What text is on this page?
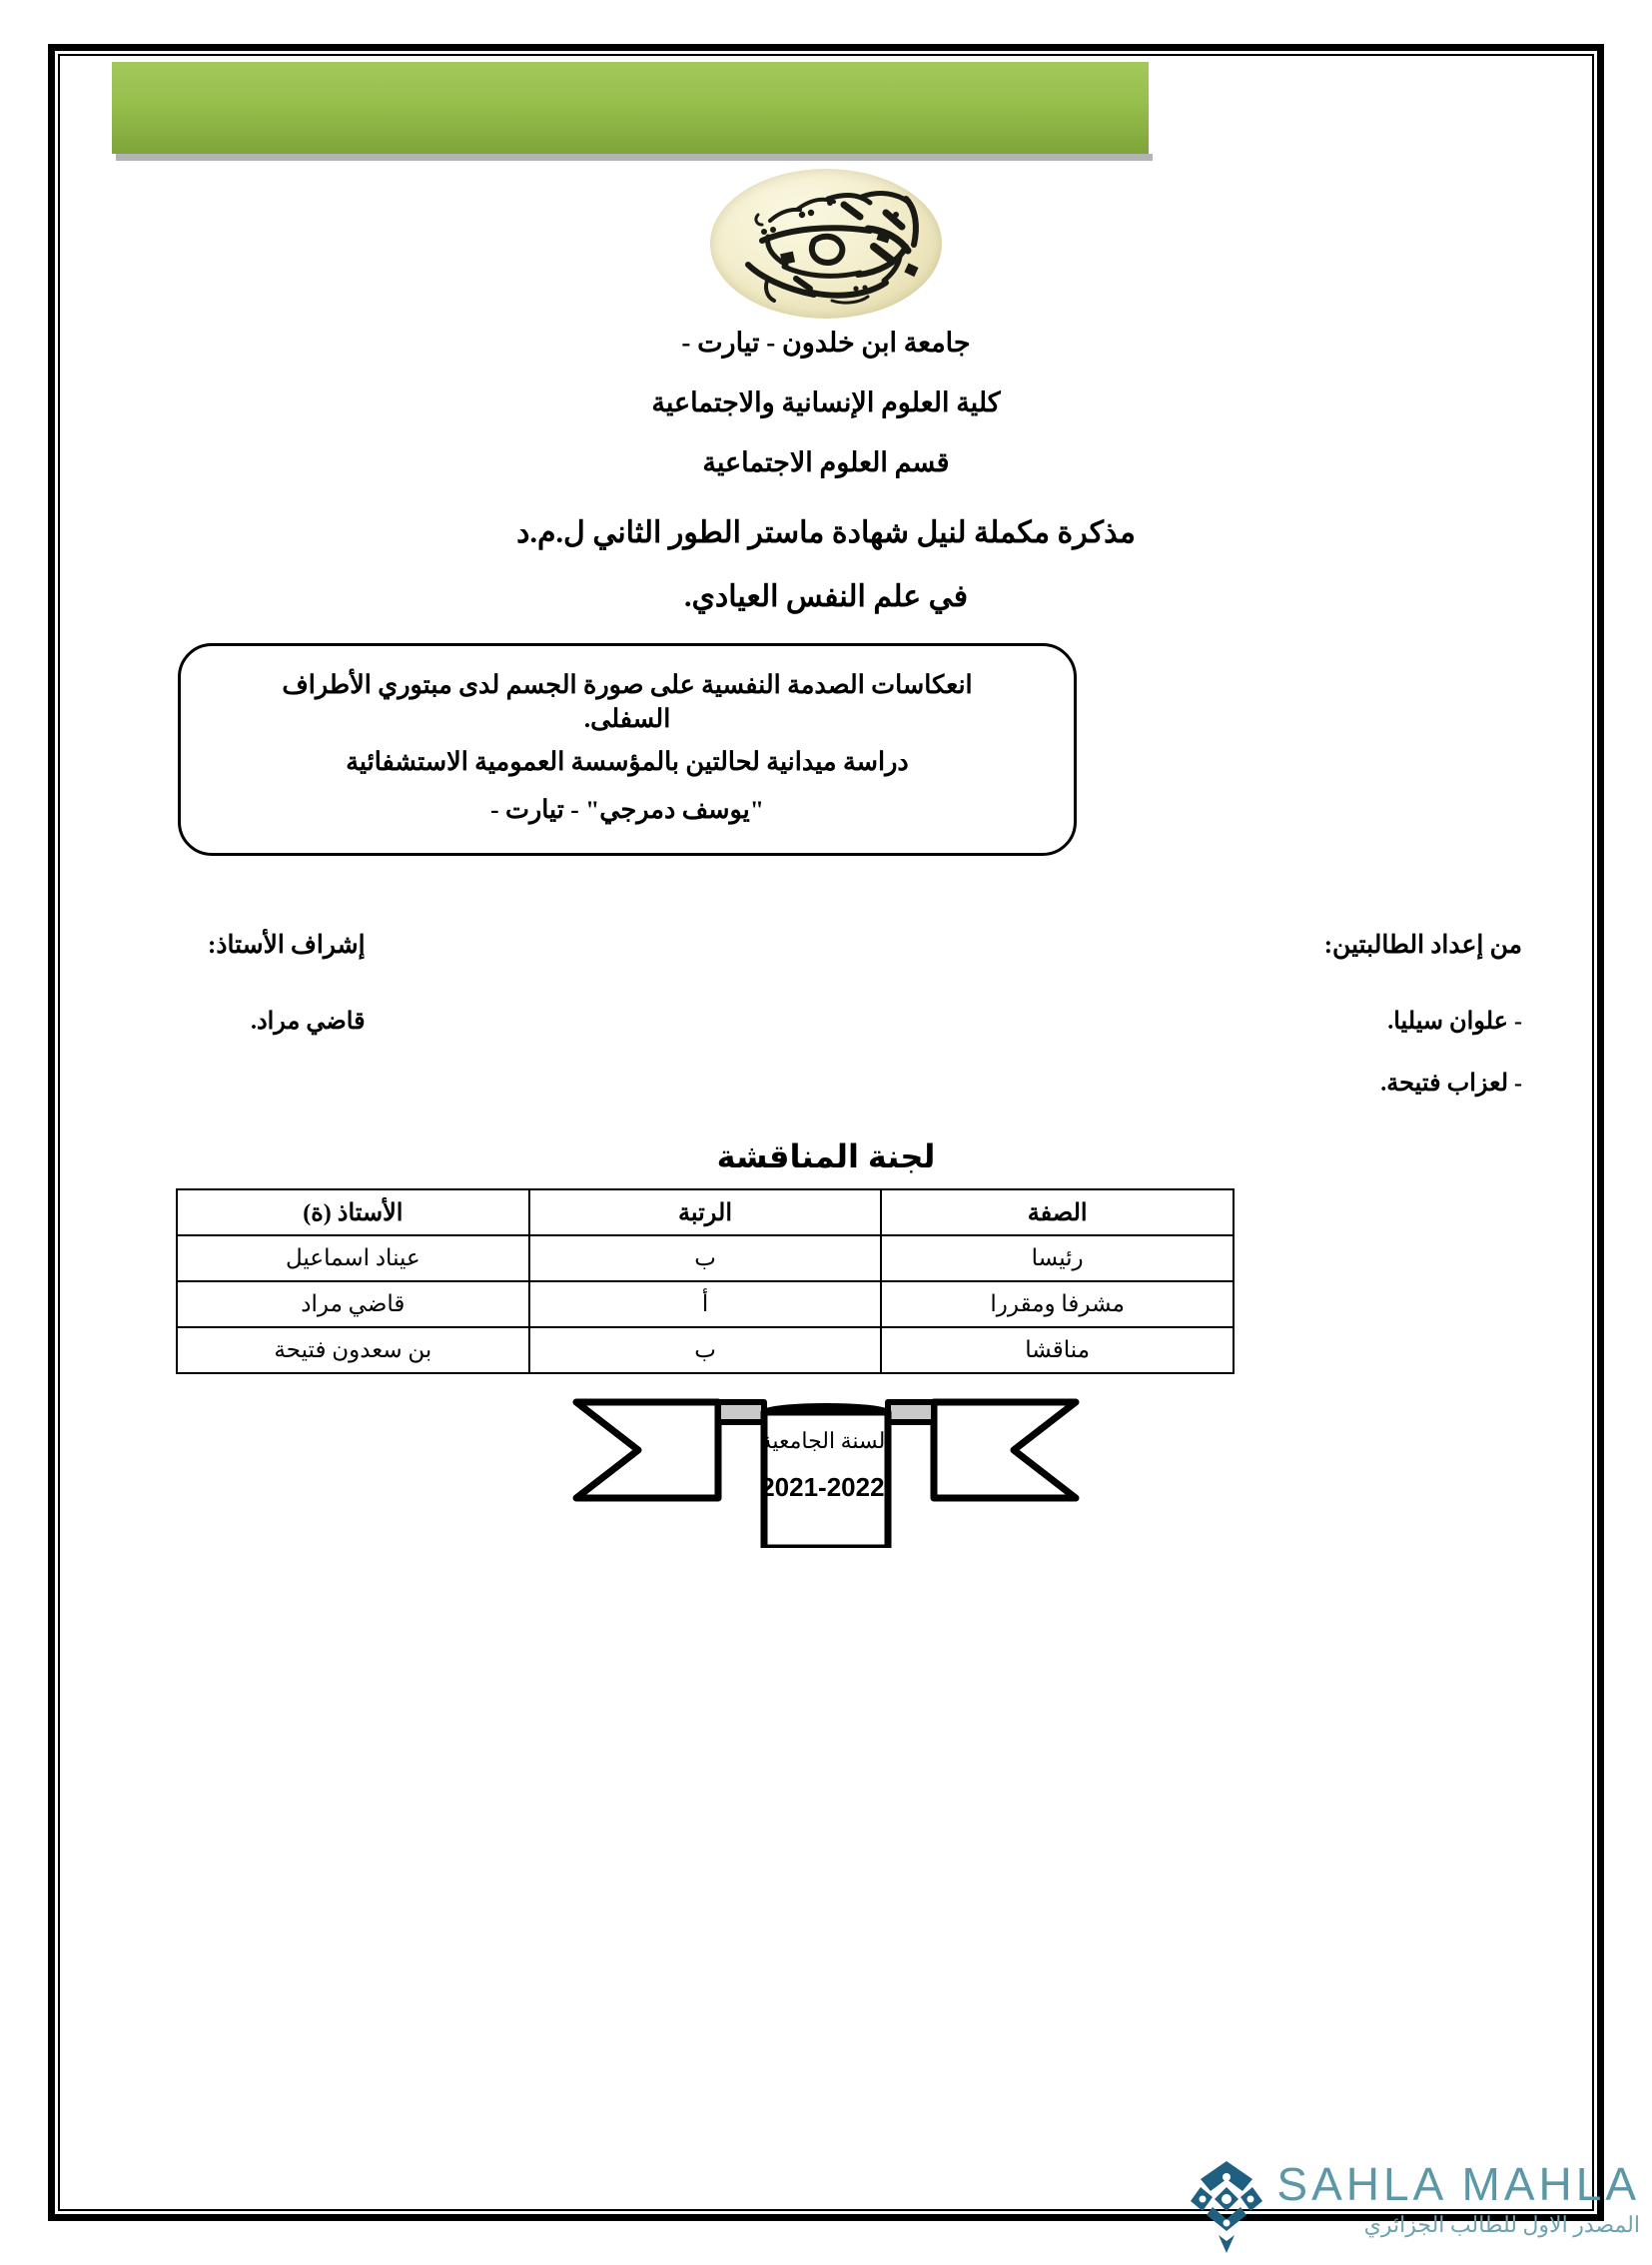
جامعة ابن خلدون - تيارت -

كلية العلوم الإنسانية والاجتماعية

قسم العلوم الاجتماعية

مذكرة مكملة لنيل شهادة ماستر الطور الثاني ل.م.د

في علم النفس العيادي.

انعكاسات الصدمة النفسية على صورة الجسم لدى مبتوري الأطراف
السفلى.

دراسة ميدانية لحالتين بالمؤسسة العمومية الاستشفائية

"يوسف دمرجي" - تيارت -

من إعداد الطالبتين:

- علوان سيليا.

- لعزاب فتيحة.

إشراف الأستاذ:

قاضي مراد.

لجنة المناقشة
الصفة	الرتبة	الأستاذ (ة)
رئيسا	ب	عيناد اسماعيل
مشرفا ومقررا	أ	قاضي مراد
مناقشا	ب	بن سعدون فتيحة

السنة الجامعية

2021-2022.

SAHLA MAHLA
المصدر الاول للطالب الجزائري
